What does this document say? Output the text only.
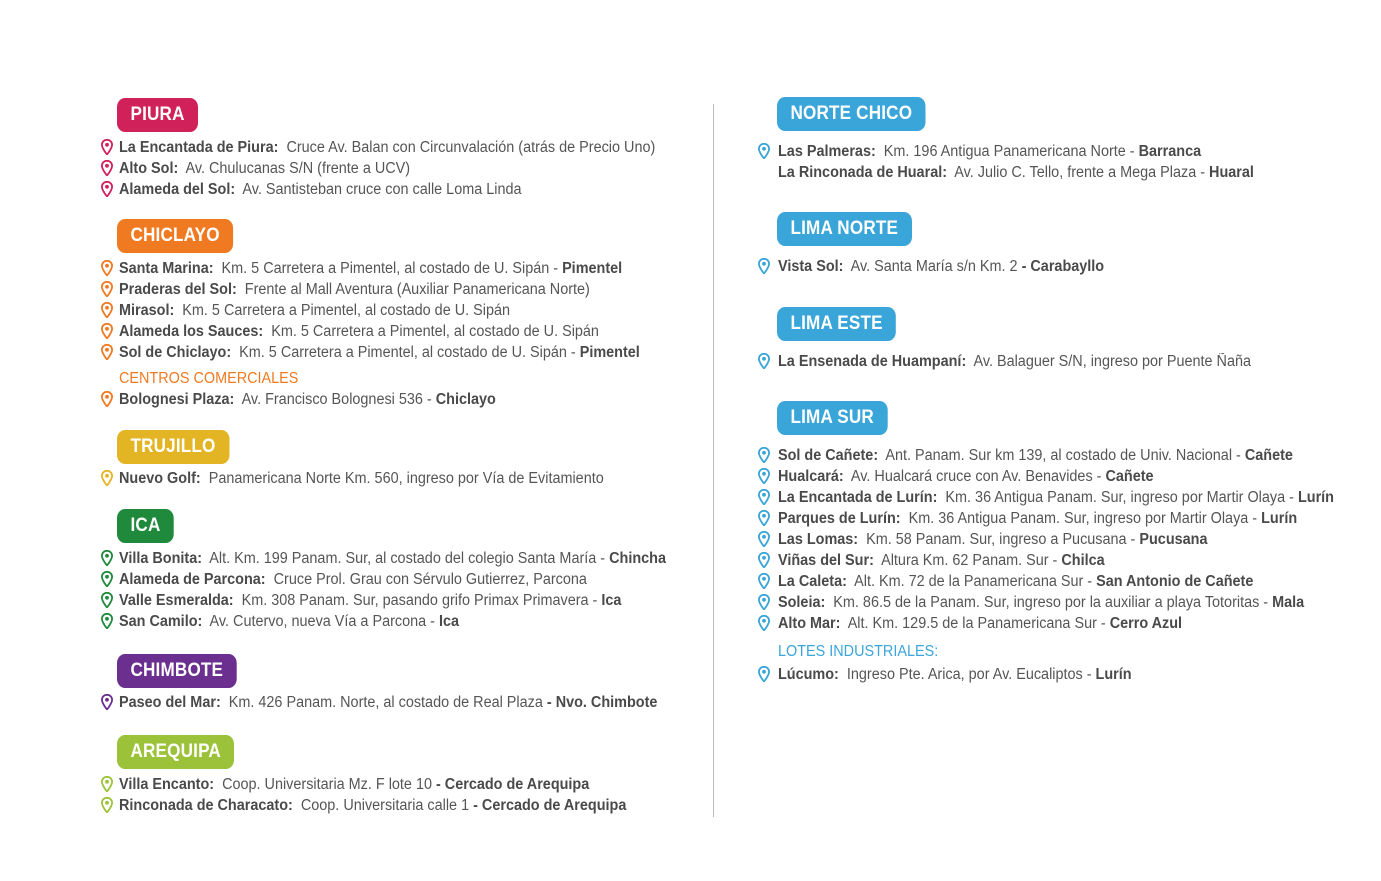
PIURA
La Encantada de Piura: Cruce Av. Balan con Circunvalación (atrás de Precio Uno)
Alto Sol: Av. Chulucanas S/N (frente a UCV)
Alameda del Sol: Av. Santisteban cruce con calle Loma Linda
CHICLAYO
Santa Marina: Km. 5 Carretera a Pimentel, al costado de U. Sipán - Pimentel
Praderas del Sol: Frente al Mall Aventura (Auxiliar Panamericana Norte)
Mirasol: Km. 5 Carretera a Pimentel, al costado de U. Sipán
Alameda los Sauces: Km. 5 Carretera a Pimentel, al costado de U. Sipán
Sol de Chiclayo: Km. 5 Carretera a Pimentel, al costado de U. Sipán - Pimentel
CENTROS COMERCIALES
Bolognesi Plaza: Av. Francisco Bolognesi 536 - Chiclayo
TRUJILLO
Nuevo Golf: Panamericana Norte Km. 560, ingreso por Vía de Evitamiento
ICA
Villa Bonita: Alt. Km. 199 Panam. Sur, al costado del colegio Santa María - Chincha
Alameda de Parcona: Cruce Prol. Grau con Sérvulo Gutierrez, Parcona
Valle Esmeralda: Km. 308 Panam. Sur, pasando grifo Primax Primavera - Ica
San Camilo: Av. Cutervo, nueva Vía a Parcona - Ica
CHIMBOTE
Paseo del Mar: Km. 426 Panam. Norte, al costado de Real Plaza - Nvo. Chimbote
AREQUIPA
Villa Encanto: Coop. Universitaria Mz. F lote 10 - Cercado de Arequipa
Rinconada de Characato: Coop. Universitaria calle 1 - Cercado de Arequipa
NORTE CHICO
Las Palmeras: Km. 196 Antigua Panamericana Norte - Barranca
La Rinconada de Huaral: Av. Julio C. Tello, frente a Mega Plaza - Huaral
LIMA NORTE
Vista Sol: Av. Santa María s/n Km. 2 - Carabayllo
LIMA ESTE
La Ensenada de Huampaní: Av. Balaguer S/N, ingreso por Puente Ñaña
LIMA SUR
Sol de Cañete: Ant. Panam. Sur km 139, al costado de Univ. Nacional - Cañete
Hualcará: Av. Hualcará cruce con Av. Benavides - Cañete
La Encantada de Lurín: Km. 36 Antigua Panam. Sur, ingreso por Martir Olaya - Lurín
Parques de Lurín: Km. 36 Antigua Panam. Sur, ingreso por Martir Olaya - Lurín
Las Lomas: Km. 58 Panam. Sur, ingreso a Pucusana - Pucusana
Viñas del Sur: Altura Km. 62 Panam. Sur - Chilca
La Caleta: Alt. Km. 72 de la Panamericana Sur - San Antonio de Cañete
Soleia: Km. 86.5 de la Panam. Sur, ingreso por la auxiliar a playa Totoritas - Mala
Alto Mar: Alt. Km. 129.5 de la Panamericana Sur - Cerro Azul
LOTES INDUSTRIALES:
Lúcumo: Ingreso Pte. Arica, por Av. Eucaliptos - Lurín
